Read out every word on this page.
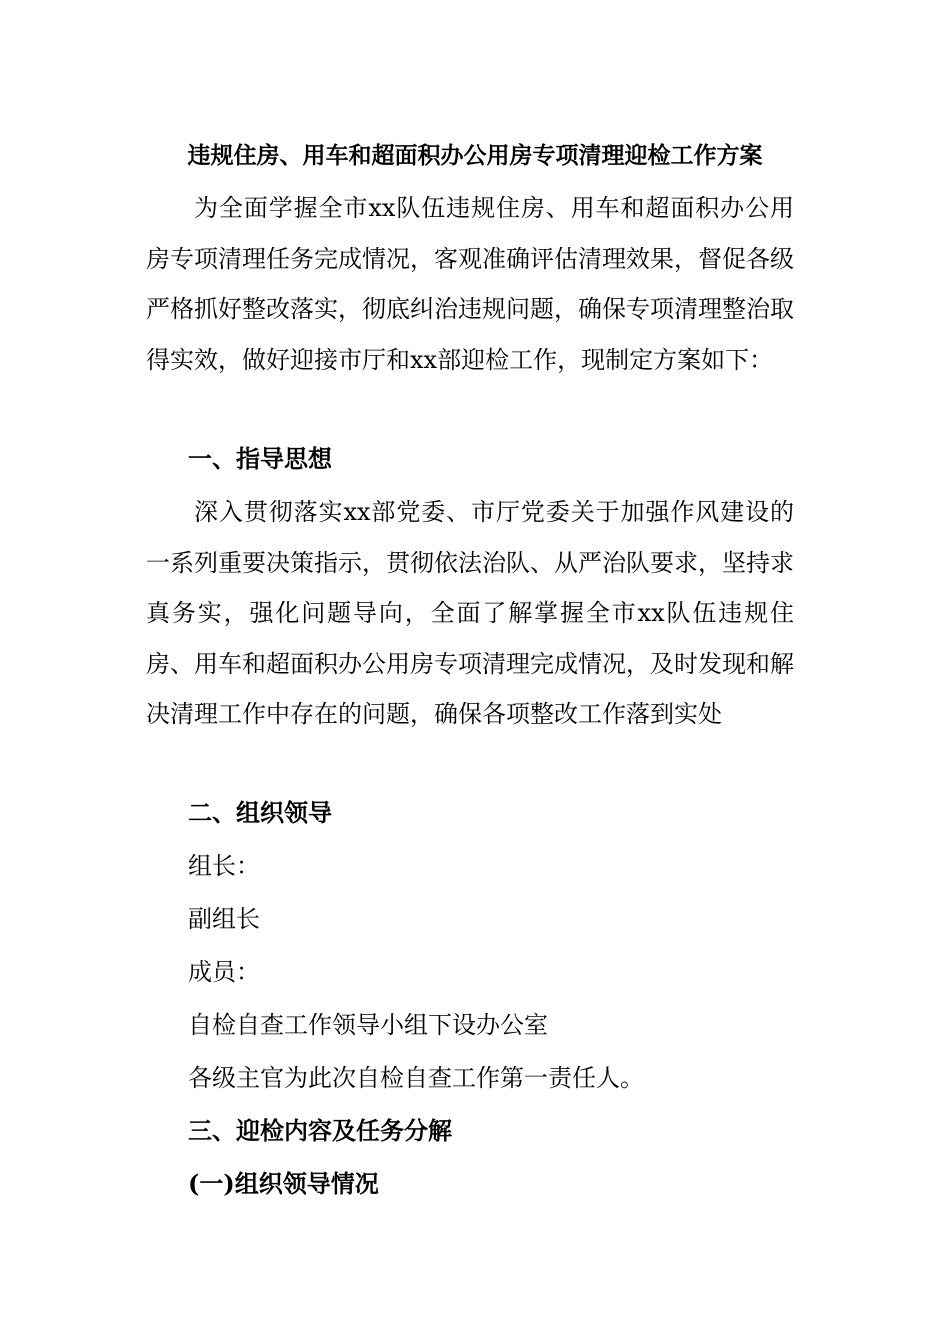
违规住房、用车和超面积办公用房专项清理迎检工作方案
为全面学握全市xx队伍违规住房、用车和超面积办公用房专项清理任务完成情况，客观准确评估清理效果，督促各级严格抓好整改落实，彻底纠治违规问题，确保专项清理整治取得实效，做好迎接市厅和xx部迎检工作，现制定方案如下：
一、指导思想
深入贯彻落实xx部党委、市厅党委关于加强作风建设的一系列重要决策指示，贯彻依法治队、从严治队要求，坚持求真务实，强化问题导向，全面了解掌握全市xx队伍违规住房、用车和超面积办公用房专项清理完成情况，及时发现和解决清理工作中存在的问题，确保各项整改工作落到实处
二、组织领导
组长：
副组长
成员：
自检自查工作领导小组下设办公室
各级主官为此次自检自查工作第一责任人。
三、迎检内容及任务分解
(一)组织领导情况
